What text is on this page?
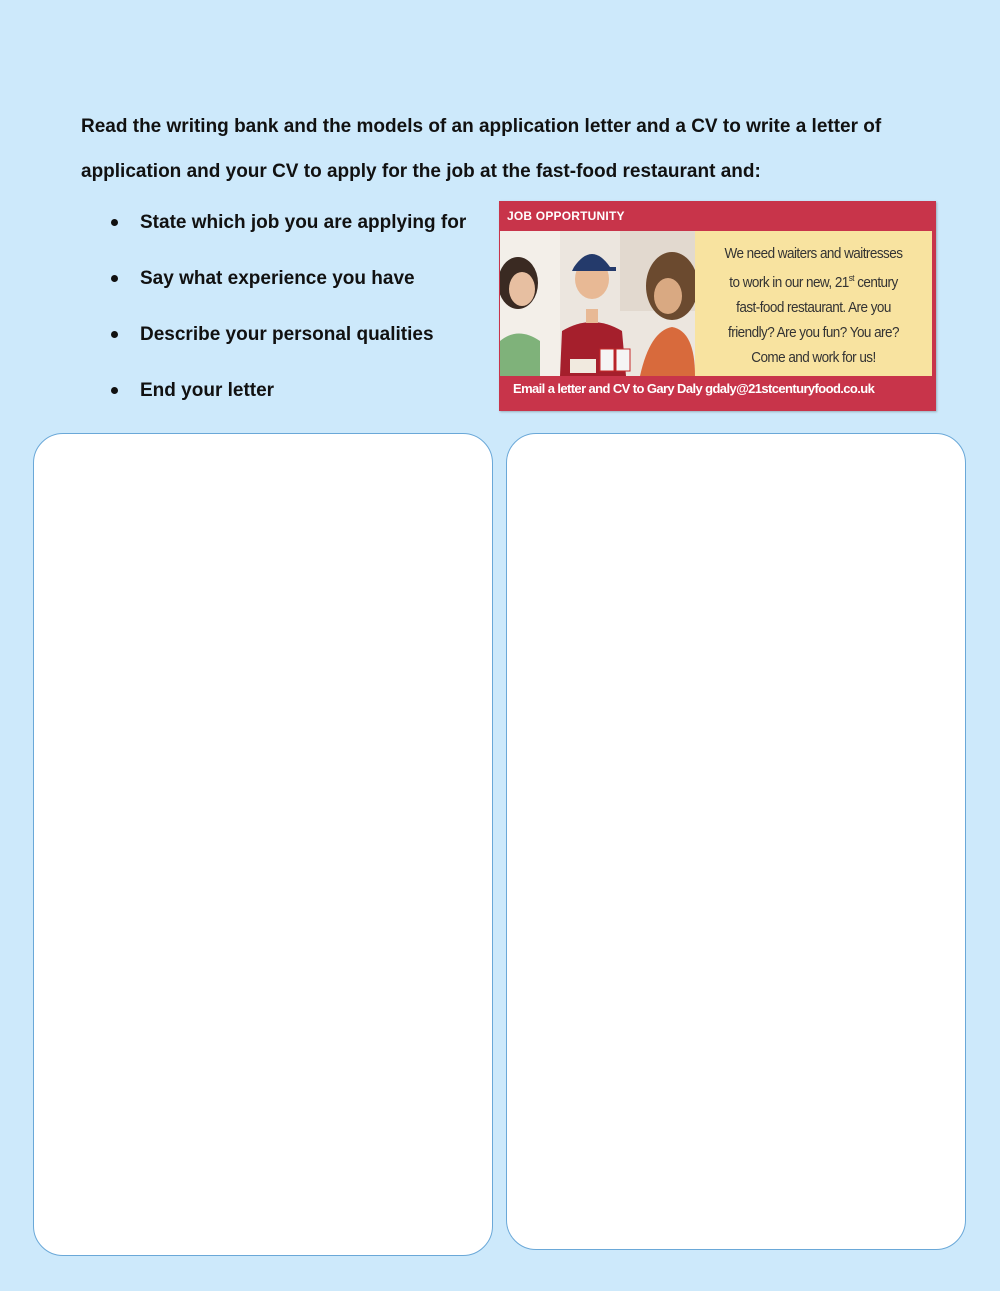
Read the writing bank and the models of an application letter and a CV to write a letter of application and your CV to apply for the job at the fast-food restaurant and:

State which job you are applying for
Say what experience you have
Describe your personal qualities
End your letter
JOB OPPORTUNITY
We need waiters and waitresses
to work in our new, 21st century
fast-food restaurant. Are you
friendly? Are you fun? You are?
Come and work for us!
Email a letter and CV to Gary Daly gdaly@21stcenturyfood.co.uk
